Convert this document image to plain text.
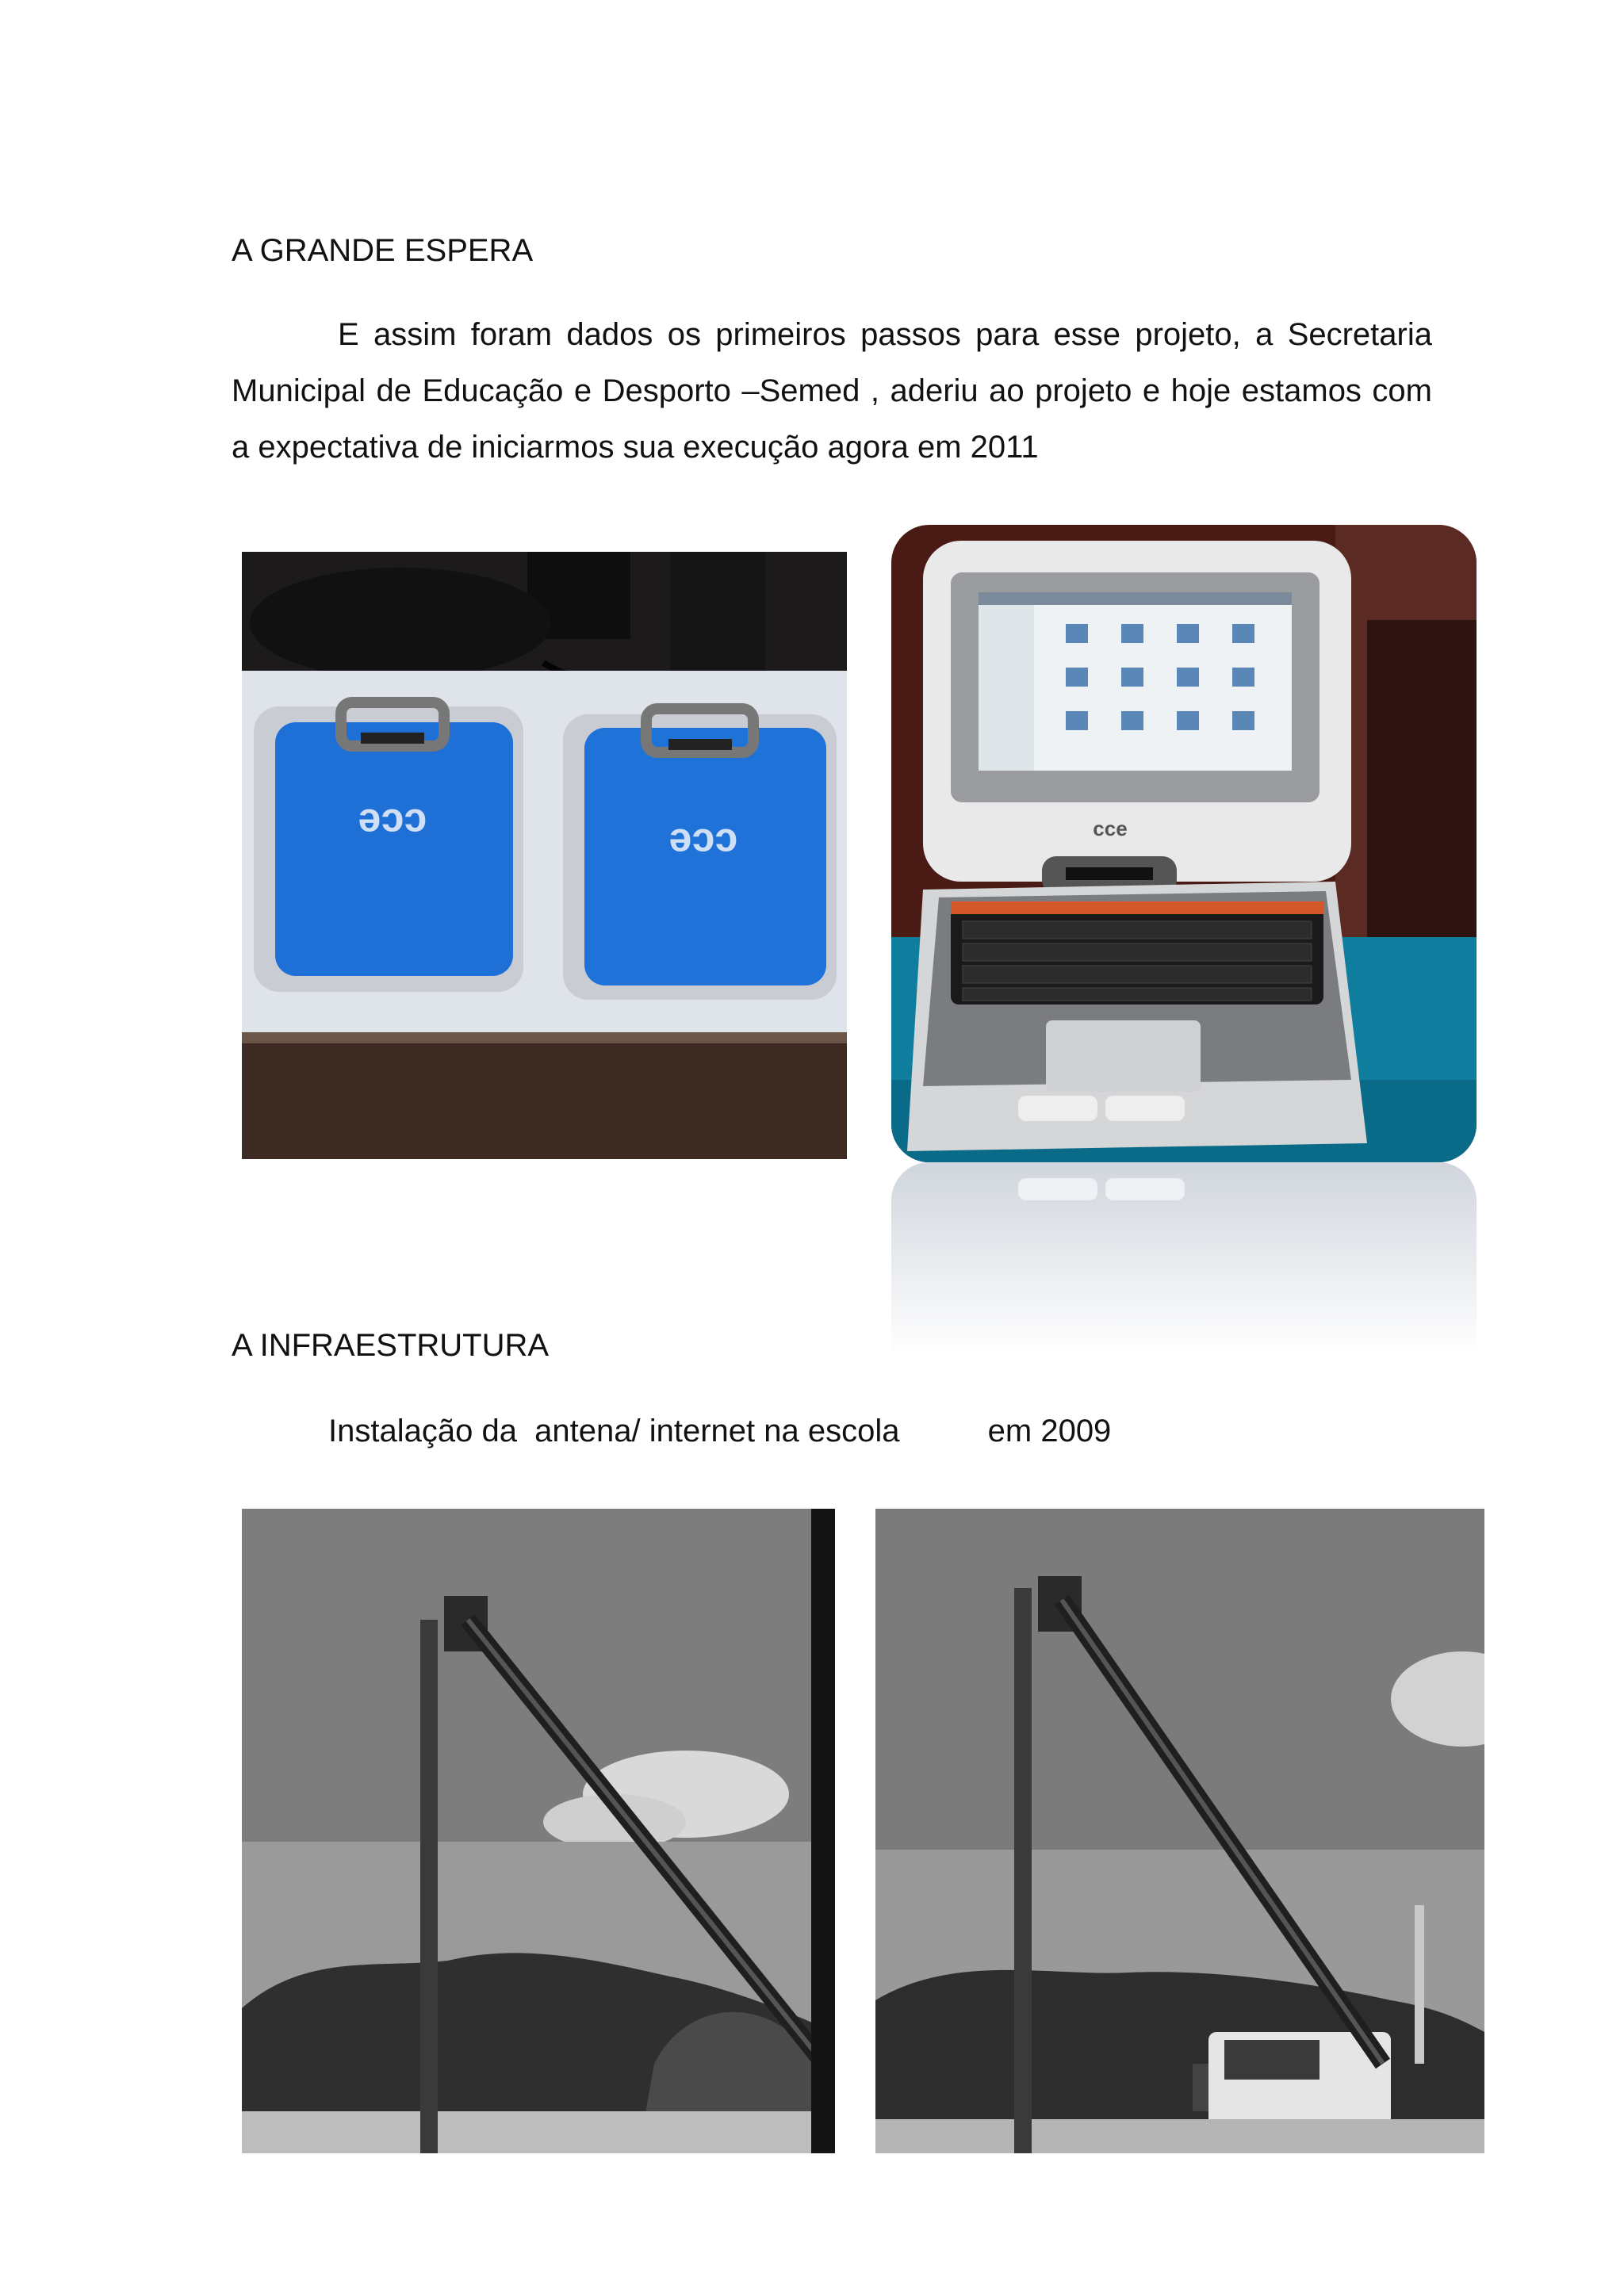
A GRANDE ESPERA

E assim foram dados os primeiros passos para esse projeto, a Secretaria Municipal de Educação e Desporto –Semed , aderiu ao projeto e hoje estamos com a expectativa de iniciarmos sua execução agora em 2011

cce	cce	cce
A INFRAESTRUTURA

Instalação da  antena/ internet na escola          em 2009
